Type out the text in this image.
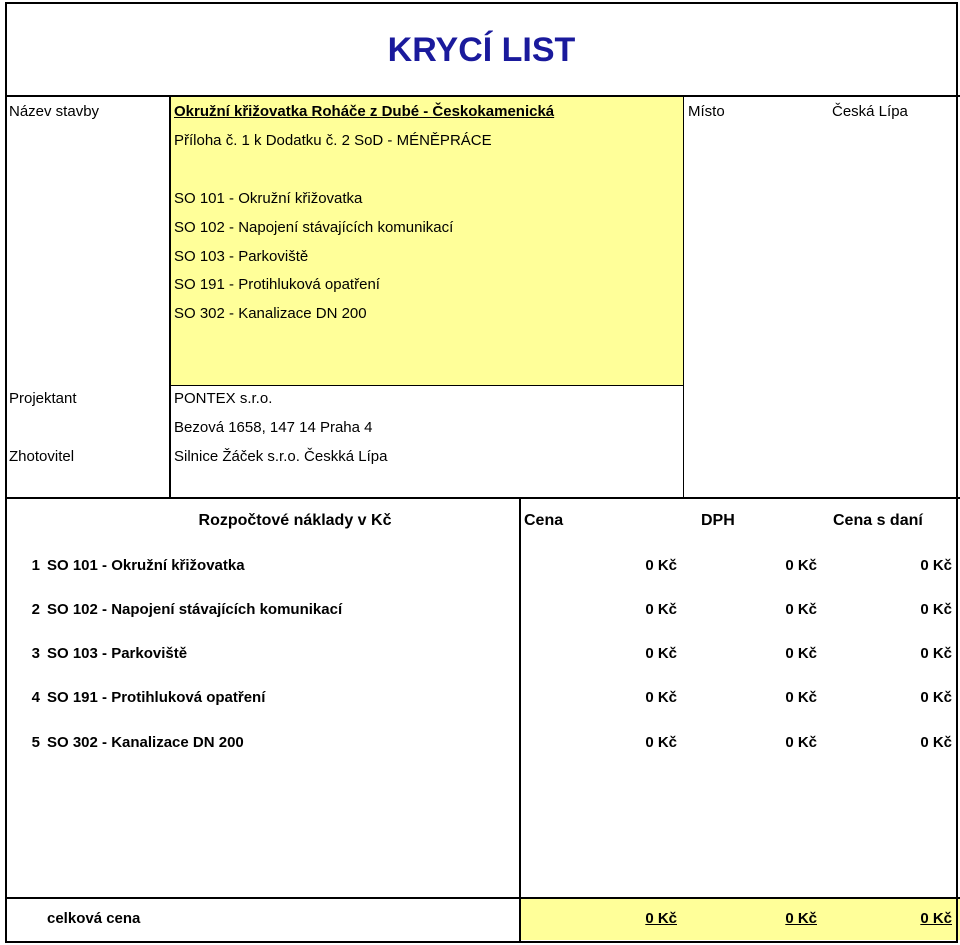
KRYCÍ LIST
Název stavby	Okružní křižovatka Roháče z Dubé - Českokamenická	Místo	Česká Lípa
Příloha č. 1 k Dodatku č. 2 SoD - MÉNĚPRÁCE
SO 101 - Okružní křižovatka
SO 102 - Napojení stávajících komunikací
SO 103 - Parkoviště
SO 191 - Protihluková opatření
SO 302 - Kanalizace DN 200
Projektant	PONTEX s.r.o.
Bezová 1658, 147 14 Praha 4
Zhotovitel	Silnice Žáček s.r.o. Českká Lípa
Rozpočtové náklady v Kč	Cena	DPH	Cena s daní
1 SO 101 - Okružní křižovatka	0 Kč	0 Kč	0 Kč
2 SO 102 - Napojení stávajících komunikací	0 Kč	0 Kč	0 Kč
3 SO 103 - Parkoviště	0 Kč	0 Kč	0 Kč
4 SO 191 - Protihluková opatření	0 Kč	0 Kč	0 Kč
5 SO 302 - Kanalizace DN 200	0 Kč	0 Kč	0 Kč
celková cena	0 Kč	0 Kč	0 Kč
